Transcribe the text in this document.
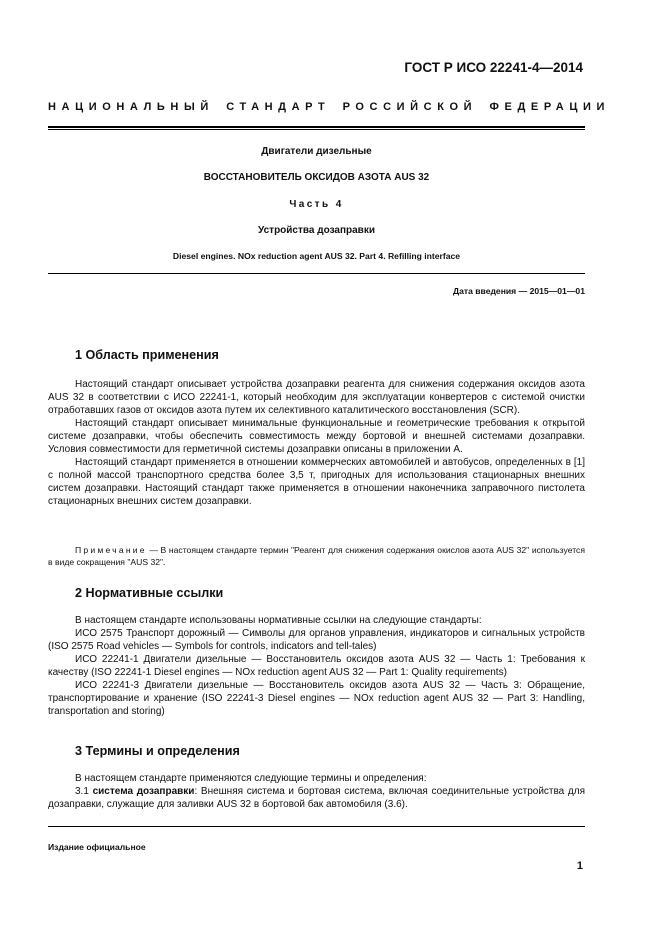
ГОСТ Р ИСО 22241-4—2014
НАЦИОНАЛЬНЫЙ СТАНДАРТ РОССИЙСКОЙ ФЕДЕРАЦИИ
Двигатели дизельные
ВОССТАНОВИТЕЛЬ ОКСИДОВ АЗОТА AUS 32
Часть 4
Устройства дозаправки
Diesel engines. NOx reduction agent AUS 32. Part 4. Refilling interface
Дата введения — 2015—01—01
1 Область применения

Настоящий стандарт описывает устройства дозаправки реагента для снижения содержания оксидов азота AUS 32 в соответствии с ИСО 22241-1, который необходим для эксплуатации конвертеров с системой очистки отработавших газов от оксидов азота путем их селективного каталитического восстановления (SCR).

Настоящий стандарт описывает минимальные функциональные и геометрические требования к открытой системе дозаправки, чтобы обеспечить совместимость между бортовой и внешней системами дозаправки. Условия совместимости для герметичной системы дозаправки описаны в приложении А.

Настоящий стандарт применяется в отношении коммерческих автомобилей и автобусов, определенных в [1] с полной массой транспортного средства более 3,5 т, пригодных для использования стационарных внешних систем дозаправки. Настоящий стандарт также применяется в отношении наконечника заправочного пистолета стационарных внешних систем дозаправки.

Примечание — В настоящем стандарте термин "Реагент для снижения содержания окислов азота AUS 32" используется в виде сокращения "AUS 32".
2 Нормативные ссылки

В настоящем стандарте использованы нормативные ссылки на следующие стандарты:

ИСО 2575 Транспорт дорожный — Символы для органов управления, индикаторов и сигнальных устройств (ISO 2575 Road vehicles — Symbols for controls, indicators and tell-tales)

ИСО 22241-1 Двигатели дизельные — Восстановитель оксидов азота AUS 32 — Часть 1: Требования к качеству (ISO 22241-1 Diesel engines — NOx reduction agent AUS 32 — Part 1: Quality requirements)

ИСО 22241-3 Двигатели дизельные — Восстановитель оксидов азота AUS 32 — Часть 3: Обращение, транспортирование и хранение (ISO 22241-3 Diesel engines — NOx reduction agent AUS 32 — Part 3: Handling, transportation and storing)

3 Термины и определения

В настоящем стандарте применяются следующие термины и определения:

3.1 система дозаправки: Внешняя система и бортовая система, включая соединительные устройства для дозаправки, служащие для заливки AUS 32 в бортовой бак автомобиля (3.6).

Издание официальное
1
